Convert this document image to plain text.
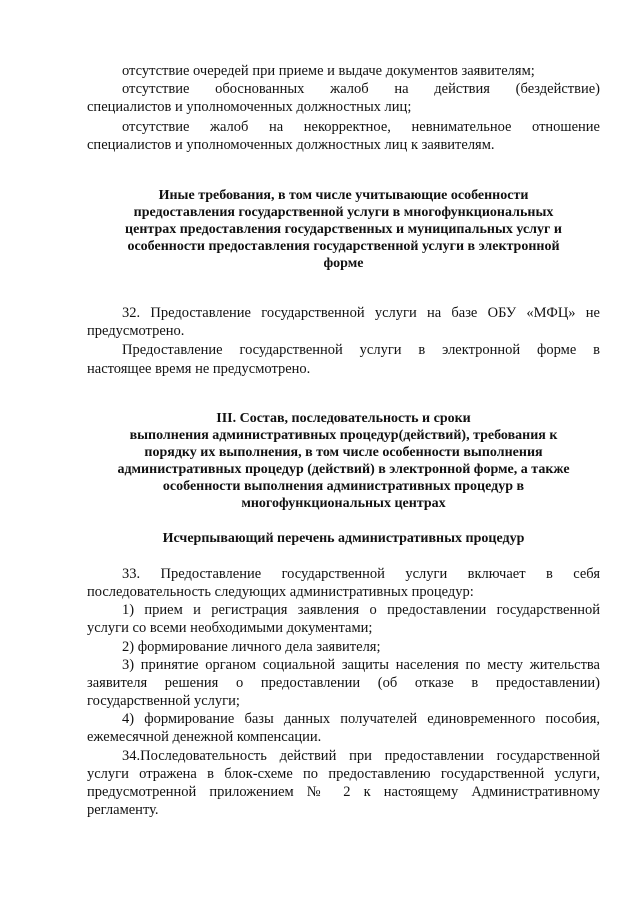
отсутствие очередей при приеме и выдаче документов заявителям;

отсутствие обоснованных жалоб на действия (бездействие)

специалистов и уполномоченных должностных лиц;

отсутствие жалоб на некорректное, невнимательное отношение

специалистов и уполномоченных должностных лиц к заявителям.

Иные требования, в том числе учитывающие особенности

предоставления государственной услуги в многофункциональных

центрах предоставления государственных и муниципальных услуг и

особенности предоставления государственной услуги в электронной

форме

32. Предоставление государственной услуги на базе ОБУ «МФЦ» не

предусмотрено.

Предоставление государственной услуги в электронной форме в

настоящее время не предусмотрено.

III. Состав, последовательность и сроки

выполнения административных процедур(действий), требования к

порядку их выполнения, в том числе особенности выполнения

административных процедур (действий) в электронной форме, а также

особенности выполнения административных процедур в

многофункциональных центрах

Исчерпывающий перечень административных процедур

33. Предоставление государственной услуги включает в себя

последовательность следующих административных процедур:

1) прием и регистрация заявления о предоставлении государственной

услуги со всеми необходимыми документами;

2) формирование личного дела заявителя;

3) принятие органом социальной защиты населения по месту жительства

заявителя решения о предоставлении (об отказе в предоставлении)

государственной услуги;

4) формирование базы данных получателей единовременного пособия,

ежемесячной денежной компенсации.

34.Последовательность действий при предоставлении государственной

услуги отражена в блок-схеме по предоставлению государственной услуги,

предусмотренной приложением № 2 к настоящему Административному

регламенту.
